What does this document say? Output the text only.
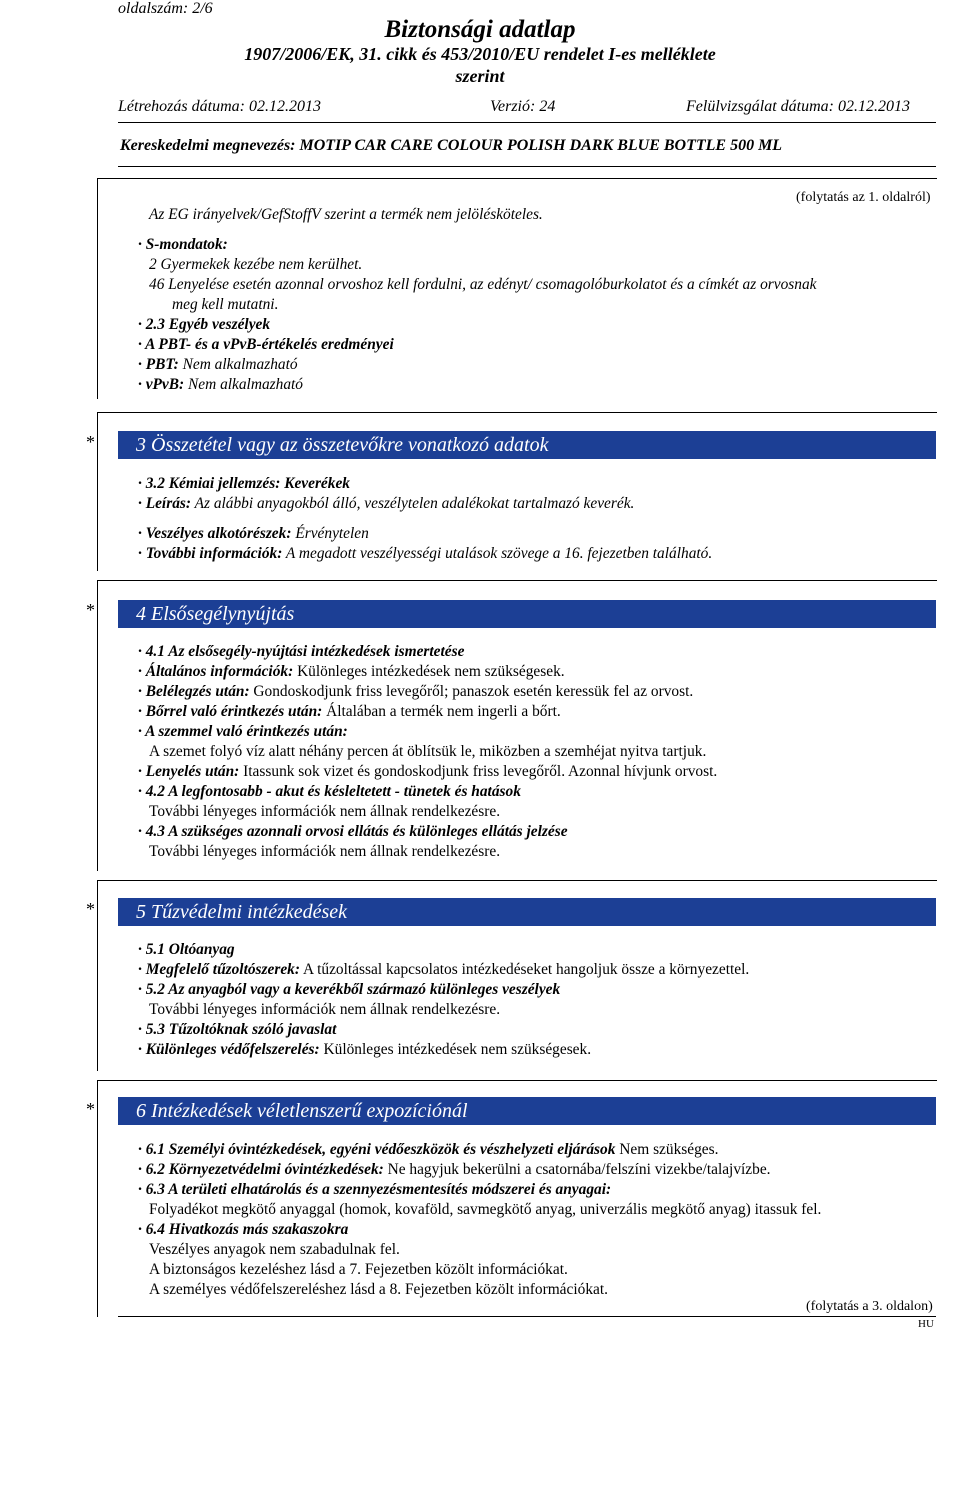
oldalszám: 2/6
Biztonsági adatlap
1907/2006/EK, 31. cikk és 453/2010/EU rendelet I-es melléklete
szerint
Létrehozás dátuma: 02.12.2013	Verzió: 24	Felülvizsgálat dátuma: 02.12.2013
Kereskedelmi megnevezés: MOTIP CAR CARE COLOUR POLISH DARK BLUE BOTTLE 500 ML
(folytatás az 1. oldalról)
Az EG irányelvek/GefStoffV szerint a termék nem jelölésköteles.
· S-mondatok:
2 Gyermekek kezébe nem kerülhet.
46 Lenyelése esetén azonnal orvoshoz kell fordulni, az edényt/ csomagolóburkolatot és a címkét az orvosnak
meg kell mutatni.
· 2.3 Egyéb veszélyek
· A PBT- és a vPvB-értékelés eredményei
· PBT: Nem alkalmazható
· vPvB: Nem alkalmazható
*	3 Összetétel vagy az összetevőkre vonatkozó adatok
· 3.2 Kémiai jellemzés: Keverékek
· Leírás: Az alábbi anyagokból álló, veszélytelen adalékokat tartalmazó keverék.
· Veszélyes alkotórészek: Érvénytelen
· További információk: A megadott veszélyességi utalások szövege a 16. fejezetben található.
*	4 Elsősegélynyújtás
· 4.1 Az elsősegély-nyújtási intézkedések ismertetése
· Általános információk: Különleges intézkedések nem szükségesek.
· Belélegzés után: Gondoskodjunk friss levegőről; panaszok esetén keressük fel az orvost.
· Bőrrel való érintkezés után: Általában a termék nem ingerli a bőrt.
· A szemmel való érintkezés után:
A szemet folyó víz alatt néhány percen át öblítsük le, miközben a szemhéjat nyitva tartjuk.
· Lenyelés után: Itassunk sok vizet és gondoskodjunk friss levegőről. Azonnal hívjunk orvost.
· 4.2 A legfontosabb - akut és késleltetett - tünetek és hatások
További lényeges információk nem állnak rendelkezésre.
· 4.3 A szükséges azonnali orvosi ellátás és különleges ellátás jelzése
További lényeges információk nem állnak rendelkezésre.
*	5 Tűzvédelmi intézkedések
· 5.1 Oltóanyag
· Megfelelő tűzoltószerek: A tűzoltással kapcsolatos intézkedéseket hangoljuk össze a környezettel.
· 5.2 Az anyagból vagy a keverékből származó különleges veszélyek
További lényeges információk nem állnak rendelkezésre.
· 5.3 Tűzoltóknak szóló javaslat
· Különleges védőfelszerelés: Különleges intézkedések nem szükségesek.
*	6 Intézkedések véletlenszerű expozíciónál
· 6.1 Személyi óvintézkedések, egyéni védőeszközök és vészhelyzeti eljárások Nem szükséges.
· 6.2 Környezetvédelmi óvintézkedések: Ne hagyjuk bekerülni a csatornába/felszíni vizekbe/talajvízbe.
· 6.3 A területi elhatárolás és a szennyezésmentesítés módszerei és anyagai:
Folyadékot megkötő anyaggal (homok, kovaföld, savmegkötő anyag, univerzális megkötő anyag) itassuk fel.
· 6.4 Hivatkozás más szakaszokra
Veszélyes anyagok nem szabadulnak fel.
A biztonságos kezeléshez lásd a 7. Fejezetben közölt információkat.
A személyes védőfelszereléshez lásd a 8. Fejezetben közölt információkat.
(folytatás a 3. oldalon)
HU
